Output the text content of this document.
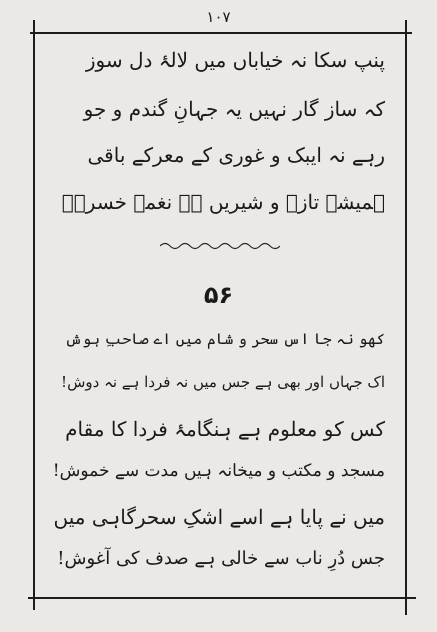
۱۰۷
پنپ سکا نہ خیاباں میں لالۂ دل سوز
کہ ساز گار نہیں یہ جہانِ گندم و جو
رہے نہ ایبک و غوری کے معرکے باقی
ہمیشہ تازہ و شیریں ہے نغمۂ خسروؔ
۵۶
کھو نہ جا اس سحر و شام میں اے صاحبِ ہوش
اک جہاں اور بھی ہے جس میں نہ فردا ہے نہ دوش!
کس کو معلوم ہے ہنگامۂ فردا کا مقام
مسجد و مکتب و میخانہ ہیں مدت سے خموش!
میں نے پایا ہے اسے اشکِ سحرگاہی میں
جس دُرِ ناب سے خالی ہے صدف کی آغوش!
